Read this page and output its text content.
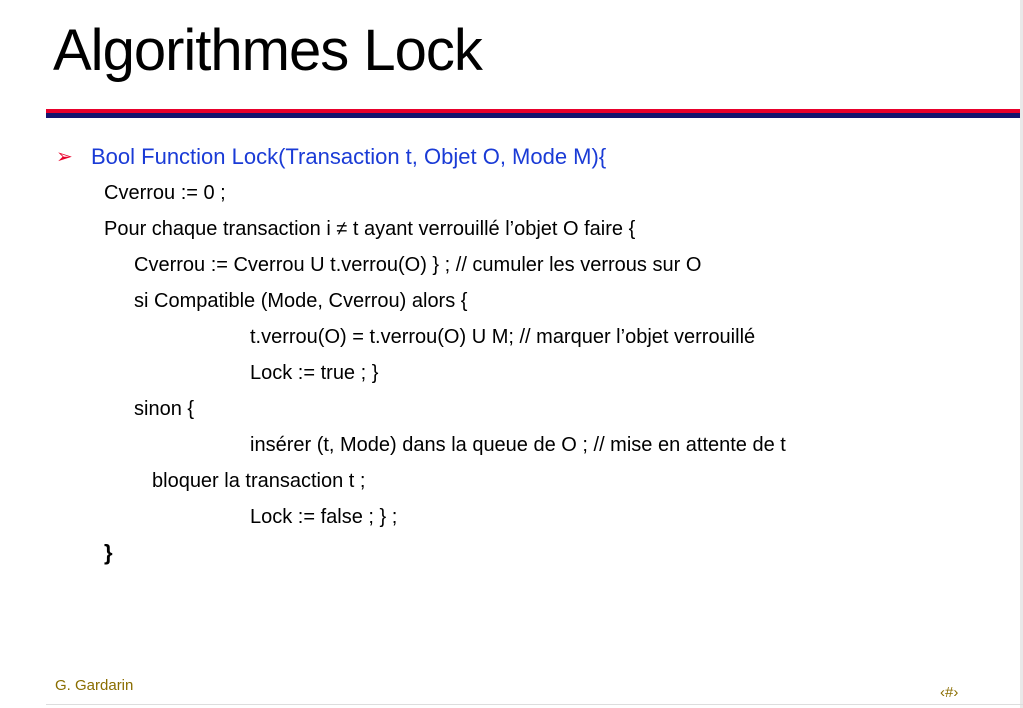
Algorithmes Lock
➢ Bool Function Lock(Transaction t, Objet O, Mode M){
Cverrou := 0 ;
Pour chaque transaction i ≠ t ayant verrouillé l’objet O faire {
Cverrou := Cverrou U t.verrou(O) } ; // cumuler les verrous sur O
si Compatible (Mode, Cverrou) alors {
t.verrou(O) = t.verrou(O) U M; // marquer l’objet verrouillé
Lock := true ; }
sinon {
insérer (t, Mode) dans la queue de O ; // mise en attente de t
bloquer la transaction t ;
Lock := false ; } ;
}
G. Gardarin	‹#›
